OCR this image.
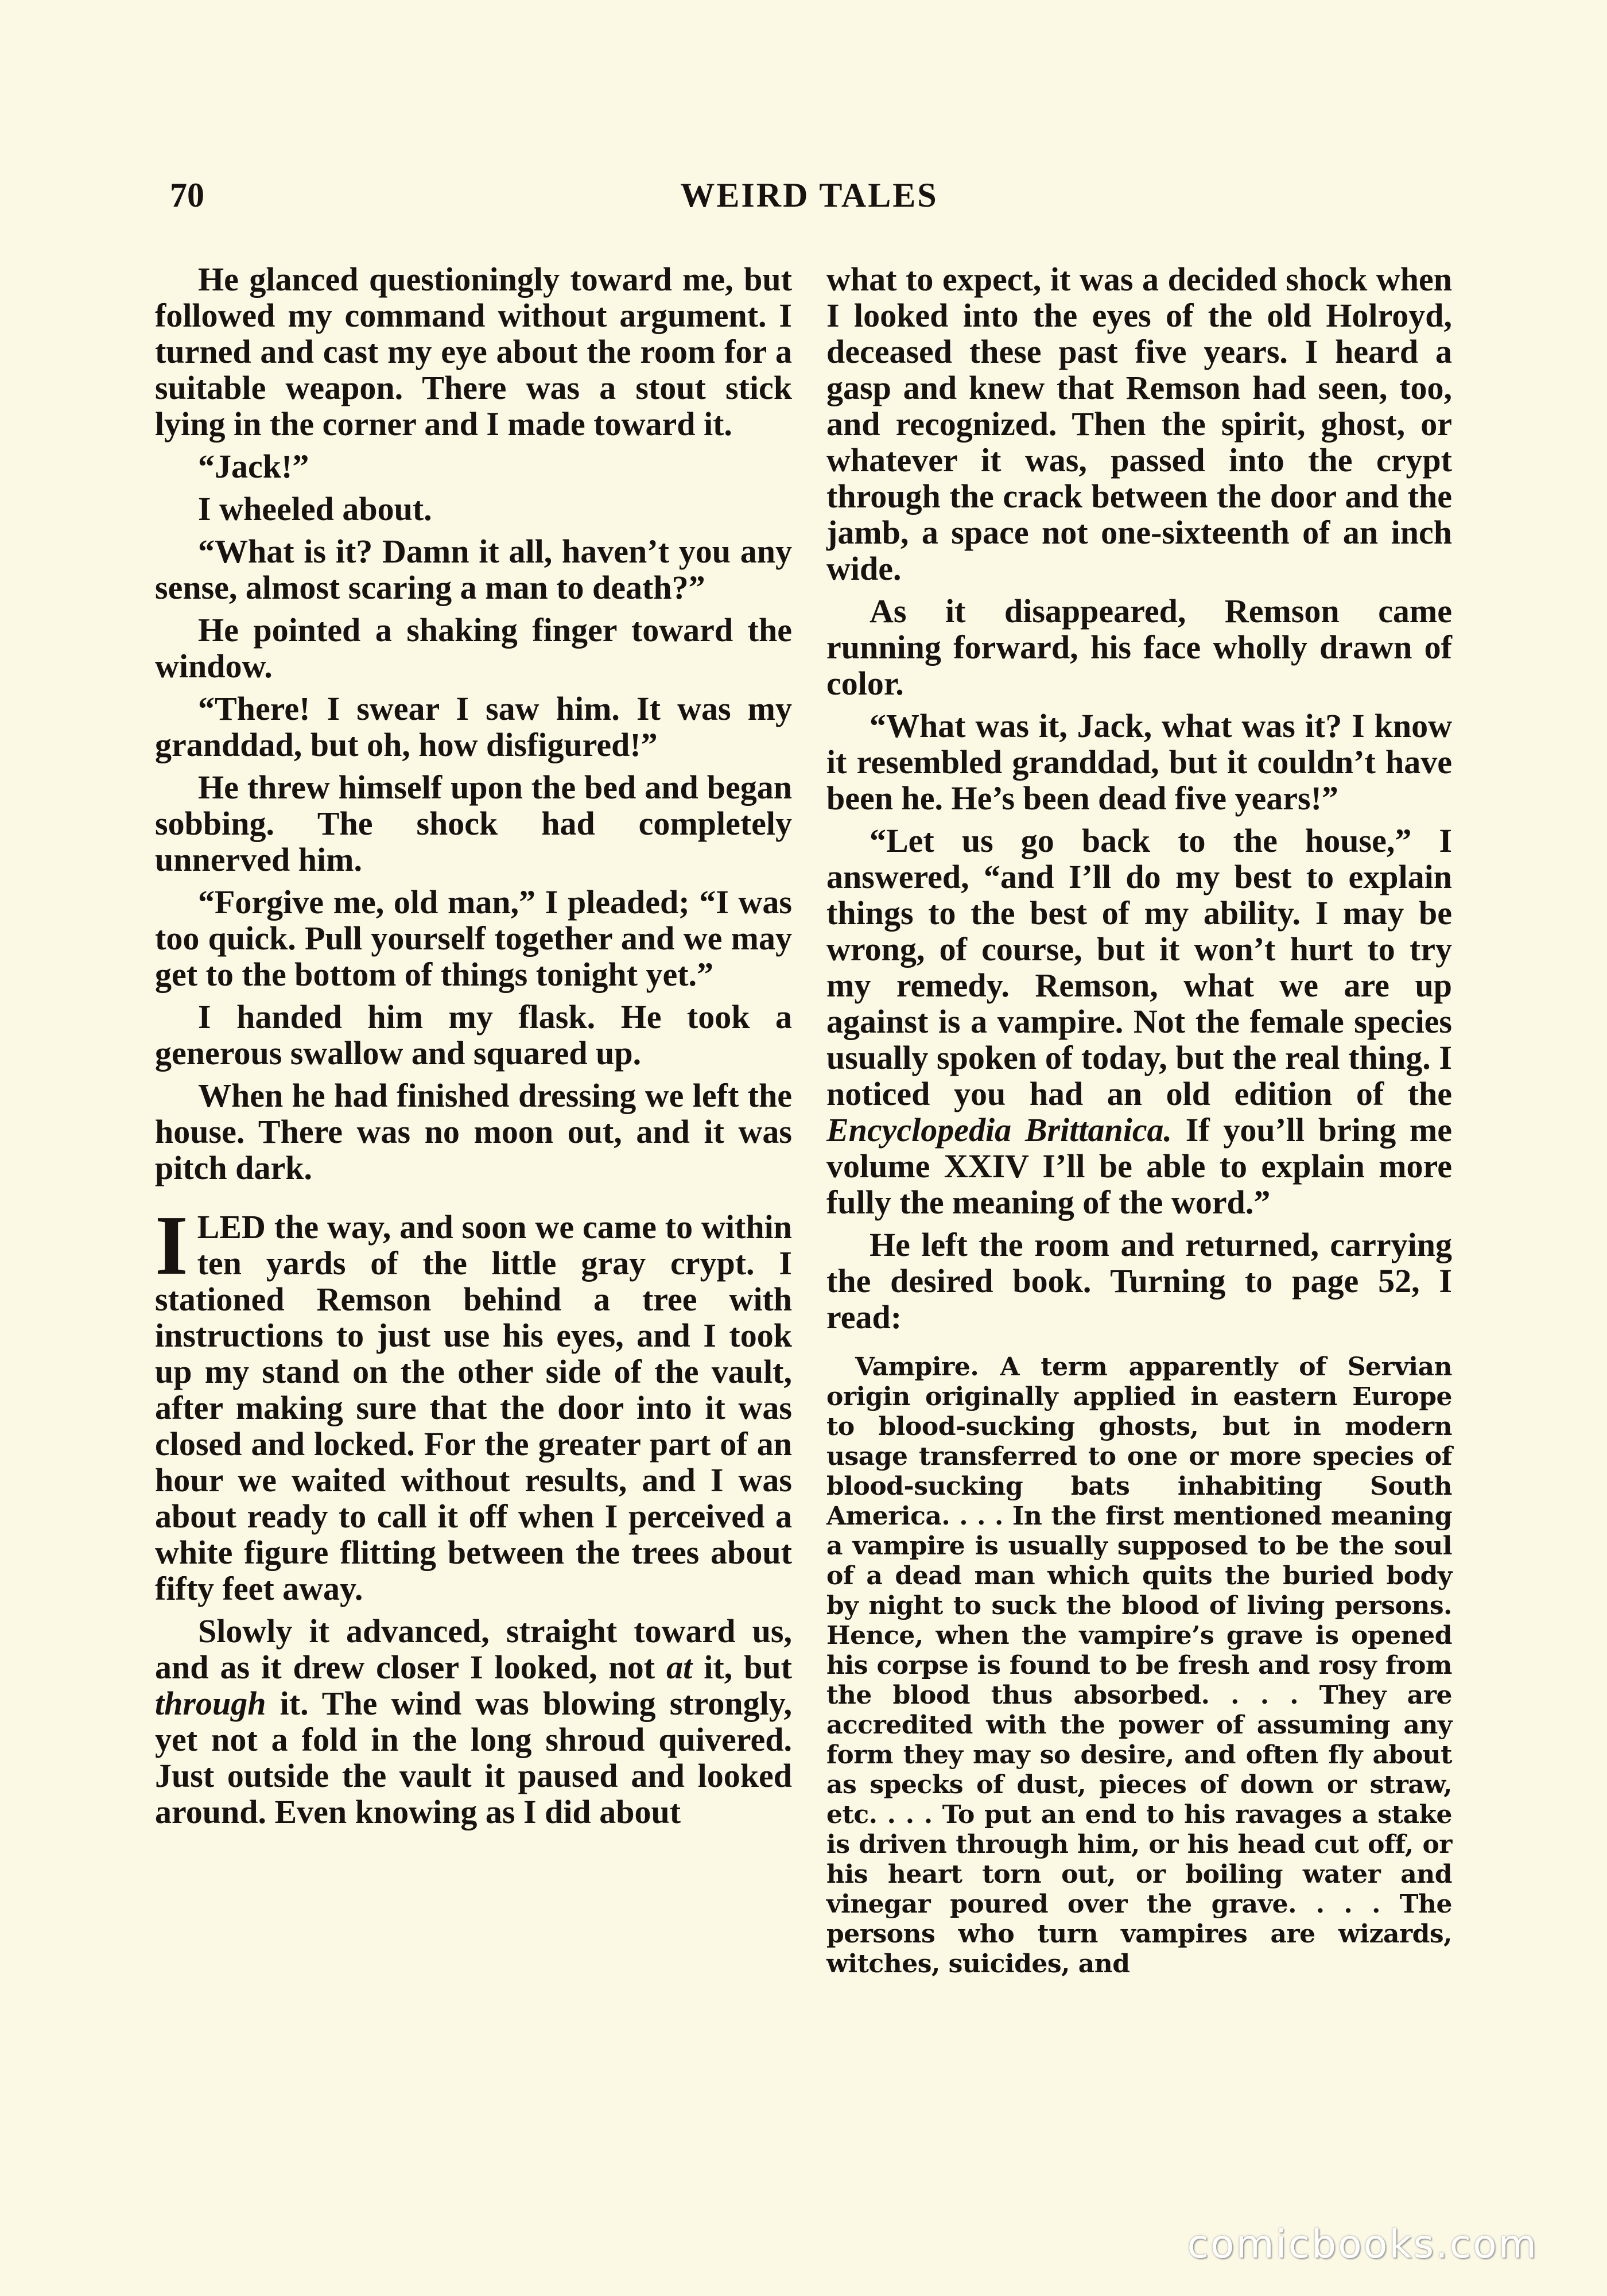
70	WEIRD TALES

He glanced questioningly toward me, but followed my command without argument. I turned and cast my eye about the room for a suitable weapon. There was a stout stick lying in the corner and I made toward it.

“Jack!”

I wheeled about.

“What is it? Damn it all, haven’t you any sense, almost scaring a man to death?”

He pointed a shaking finger toward the window.

“There! I swear I saw him. It was my granddad, but oh, how disfigured!”

He threw himself upon the bed and began sobbing. The shock had completely unnerved him.

“Forgive me, old man,” I pleaded; “I was too quick. Pull yourself together and we may get to the bottom of things tonight yet.”

I handed him my flask. He took a generous swallow and squared up.

When he had finished dressing we left the house. There was no moon out, and it was pitch dark.

ILED the way, and soon we came to within ten yards of the little gray crypt. I stationed Remson behind a tree with instructions to just use his eyes, and I took up my stand on the other side of the vault, after making sure that the door into it was closed and locked. For the greater part of an hour we waited without results, and I was about ready to call it off when I perceived a white figure flitting between the trees about fifty feet away.

Slowly it advanced, straight toward us, and as it drew closer I looked, not at it, but through it. The wind was blowing strongly, yet not a fold in the long shroud quivered. Just outside the vault it paused and looked around. Even knowing as I did about

what to expect, it was a decided shock when I looked into the eyes of the old Holroyd, deceased these past five years. I heard a gasp and knew that Remson had seen, too, and recognized. Then the spirit, ghost, or whatever it was, passed into the crypt through the crack between the door and the jamb, a space not one-sixteenth of an inch wide.

As it disappeared, Remson came running forward, his face wholly drawn of color.

“What was it, Jack, what was it? I know it resembled granddad, but it couldn’t have been he. He’s been dead five years!”

“Let us go back to the house,” I answered, “and I’ll do my best to explain things to the best of my ability. I may be wrong, of course, but it won’t hurt to try my remedy. Remson, what we are up against is a vampire. Not the female species usually spoken of today, but the real thing. I noticed you had an old edition of the Encyclopedia Brittanica. If you’ll bring me volume XXIV I’ll be able to explain more fully the meaning of the word.”

He left the room and returned, carrying the desired book. Turning to page 52, I read:

Vampire. A term apparently of Servian origin originally applied in eastern Europe to blood-sucking ghosts, but in modern usage transferred to one or more species of blood-sucking bats inhabiting South America. . . . In the first mentioned meaning a vampire is usually supposed to be the soul of a dead man which quits the buried body by night to suck the blood of living persons. Hence, when the vampire’s grave is opened his corpse is found to be fresh and rosy from the blood thus absorbed. . . . They are accredited with the power of assuming any form they may so desire, and often fly about as specks of dust, pieces of down or straw, etc. . . . To put an end to his ravages a stake is driven through him, or his head cut off, or his heart torn out, or boiling water and vinegar poured over the grave. . . . The persons who turn vampires are wizards, witches, suicides, and
comicbooks.com
